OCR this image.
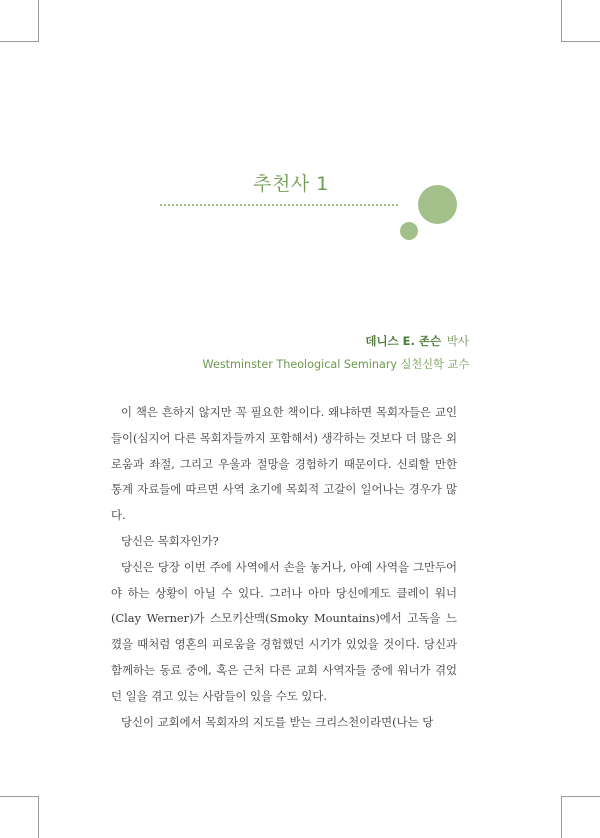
추천사 1
데니스 E. 존슨 박사
Westminster Theological Seminary 실천신학 교수

이 책은 흔하지 않지만 꼭 필요한 책이다. 왜냐하면 목회자들은 교인들이(심지어 다른 목회자들까지 포함해서) 생각하는 것보다 더 많은 외로움과 좌절, 그리고 우울과 절망을 경험하기 때문이다. 신뢰할 만한 통계 자료들에 따르면 사역 초기에 목회적 고갈이 일어나는 경우가 많다.

당신은 목회자인가?

당신은 당장 이번 주에 사역에서 손을 놓거나, 아예 사역을 그만두어야 하는 상황이 아닐 수 있다. 그러나 아마 당신에게도 클레이 워너(Clay Werner)가 스모키산맥(Smoky Mountains)에서 고독을 느꼈을 때처럼 영혼의 피로움을 경험했던 시기가 있었을 것이다. 당신과 함께하는 동료 중에, 혹은 근처 다른 교회 사역자들 중에 워너가 겪었던 일을 겪고 있는 사람들이 있을 수도 있다.

당신이 교회에서 목회자의 지도를 받는 크리스천이라면(나는 당
